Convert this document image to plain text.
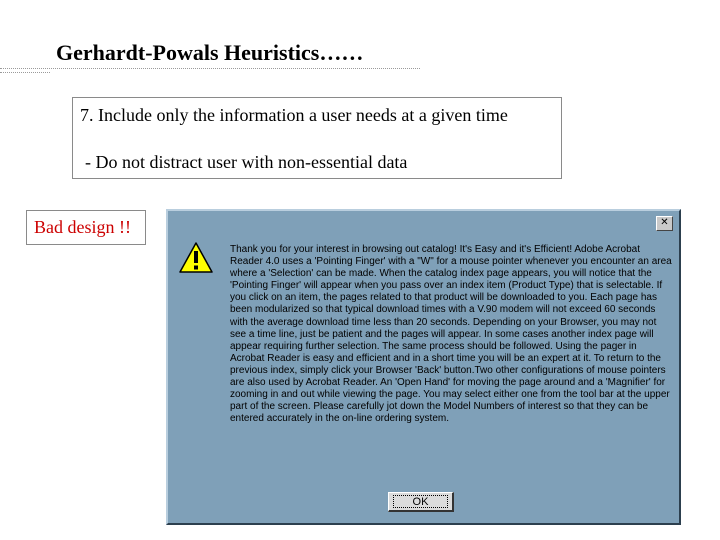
Gerhardt-Powals Heuristics……
7. Include only the information a user needs at a given time
- Do not distract user with non-essential data
Bad design !!	✕

Thank you for your interest in browsing out catalog! It's Easy and it's Efficient! Adobe Acrobat Reader 4.0 uses a 'Pointing Finger' with a "W" for a mouse pointer whenever you encounter an area where a 'Selection' can be made. When the catalog index page appears, you will notice that the 'Pointing Finger' will appear when you pass over an index item (Product Type) that is selectable. If you click on an item, the pages related to that product will be downloaded to you. Each page has been modularized so that typical download times with a V.90 modem will not exceed 60 seconds with the average download time less than 20 seconds. Depending on your Browser, you may not see a time line, just be patient and the pages will appear. In some cases another index page will appear requiring further selection. The same process should be followed. Using the pager in Acrobat Reader is easy and efficient and in a short time you will be an expert at it. To return to the previous index, simply click your Browser 'Back' button.Two other configurations of mouse pointers are also used by Acrobat Reader. An 'Open Hand' for moving the page around and a 'Magnifier' for zooming in and out while viewing the page. You may select either one from the tool bar at the upper part of the screen. Please carefully jot down the Model Numbers of interest so that they can be entered accurately in the on-line ordering system.

OK
